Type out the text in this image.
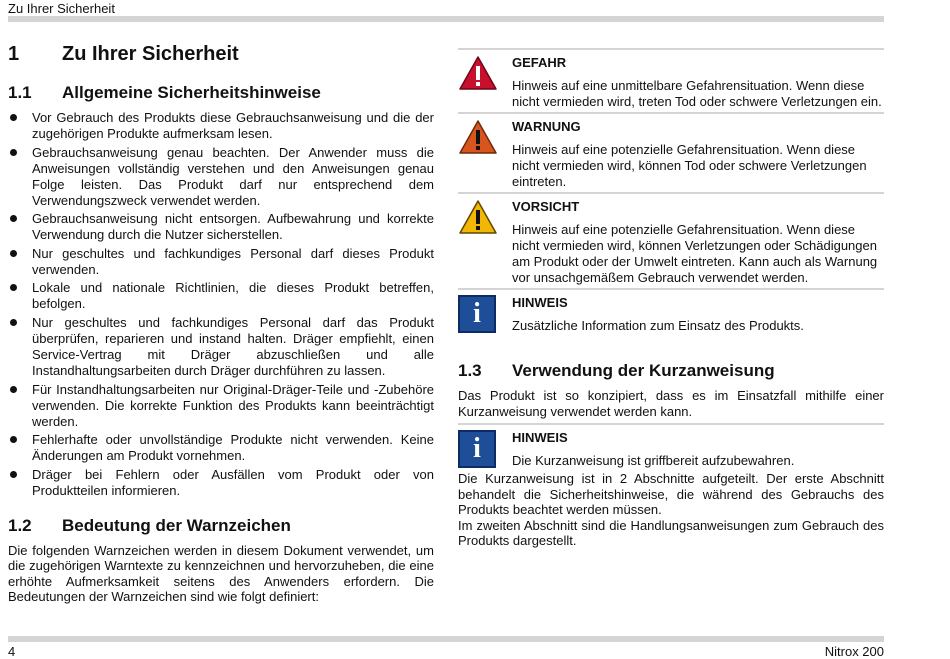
Zu Ihrer Sicherheit
1	Zu Ihrer Sicherheit
1.1	Allgemeine Sicherheitshinweise
Vor Gebrauch des Produkts diese Gebrauchsanweisung und die der zugehörigen Produkte aufmerksam lesen.
Gebrauchsanweisung genau beachten. Der Anwender muss die Anweisungen vollständig verstehen und den Anweisungen genau Folge leisten. Das Produkt darf nur entsprechend dem Verwendungszweck verwendet werden.
Gebrauchsanweisung nicht entsorgen. Aufbewahrung und korrekte Verwendung durch die Nutzer sicherstellen.
Nur geschultes und fachkundiges Personal darf dieses Produkt verwenden.
Lokale und nationale Richtlinien, die dieses Produkt betreffen, befolgen.
Nur geschultes und fachkundiges Personal darf das Produkt überprüfen, reparieren und instand halten. Dräger empfiehlt, einen Service-Vertrag mit Dräger abzuschließen und alle Instandhaltungsarbeiten durch Dräger durchführen zu lassen.
Für Instandhaltungsarbeiten nur Original-Dräger-Teile und -Zubehöre verwenden. Die korrekte Funktion des Produkts kann beeinträchtigt werden.
Fehlerhafte oder unvollständige Produkte nicht verwenden. Keine Änderungen am Produkt vornehmen.
Dräger bei Fehlern oder Ausfällen vom Produkt oder von Produktteilen informieren.
1.2	Bedeutung der Warnzeichen

Die folgenden Warnzeichen werden in diesem Dokument verwendet, um die zugehörigen Warntexte zu kennzeichnen und hervorzuheben, die eine erhöhte Aufmerksamkeit seitens des Anwenders erfordern. Die Bedeutungen der Warnzeichen sind wie folgt definiert:

GEFAHR
Hinweis auf eine unmittelbare Gefahrensituation. Wenn diese nicht vermieden wird, treten Tod oder schwere Verletzungen ein.
WARNUNG
Hinweis auf eine potenzielle Gefahrensituation. Wenn diese nicht vermieden wird, können Tod oder schwere Verletzungen eintreten.
VORSICHT
Hinweis auf eine potenzielle Gefahrensituation. Wenn diese nicht vermieden wird, können Verletzungen oder Schädigungen am Produkt oder der Umwelt eintreten. Kann auch als Warnung vor unsachgemäßem Gebrauch verwendet werden.
i	HINWEIS
Zusätzliche Information zum Einsatz des Produkts.
1.3	Verwendung der Kurzanweisung

Das Produkt ist so konzipiert, dass es im Einsatzfall mithilfe einer Kurzanweisung verwendet werden kann.

i	HINWEIS
Die Kurzanweisung ist griffbereit aufzubewahren.

Die Kurzanweisung ist in 2 Abschnitte aufgeteilt. Der erste Abschnitt behandelt die Sicherheitshinweise, die während des Gebrauchs des Produkts beachtet werden müssen.

Im zweiten Abschnitt sind die Handlungsanweisungen zum Gebrauch des Produkts dargestellt.

4	Nitrox 200
